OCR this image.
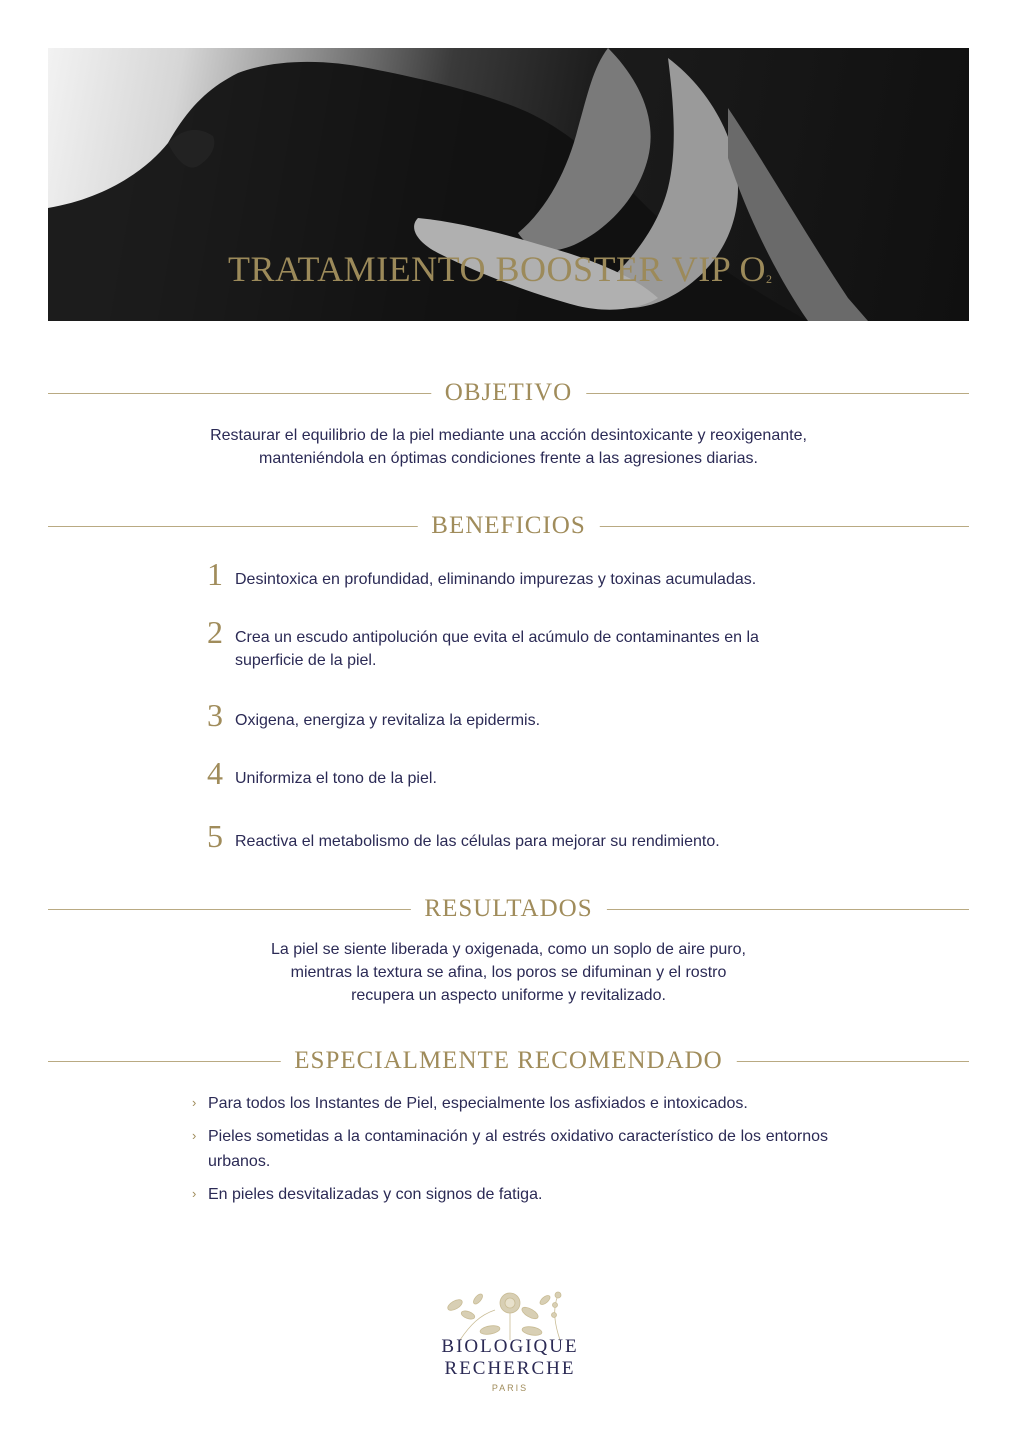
TRATAMIENTO BOOSTER VIP $O_2$
OBJETIVO
Restaurar el equilibrio de la piel mediante una acción desintoxicante y reoxigenante,
manteniéndola en óptimas condiciones frente a las agresiones diarias.
BENEFICIOS
1 Desintoxica en profundidad, eliminando impurezas y toxinas acumuladas.
2 Crea un escudo antipolución que evita el acúmulo de contaminantes en la superficie de la piel.
3 Oxigena, energiza y revitaliza la epidermis.
4 Uniformiza el tono de la piel.
5 Reactiva el metabolismo de las células para mejorar su rendimiento.
RESULTADOS
La piel se siente liberada y oxigenada, como un soplo de aire puro,
mientras la textura se afina, los poros se difuminan y el rostro
recupera un aspecto uniforme y revitalizado.
ESPECIALMENTE RECOMENDADO
› Para todos los Instantes de Piel, especialmente los asfixiados e intoxicados.
› Pieles sometidas a la contaminación y al estrés oxidativo característico de los entornos urbanos.
› En pieles desvitalizadas y con signos de fatiga.
BIOLOGIQUE
RECHERCHE
PARIS
